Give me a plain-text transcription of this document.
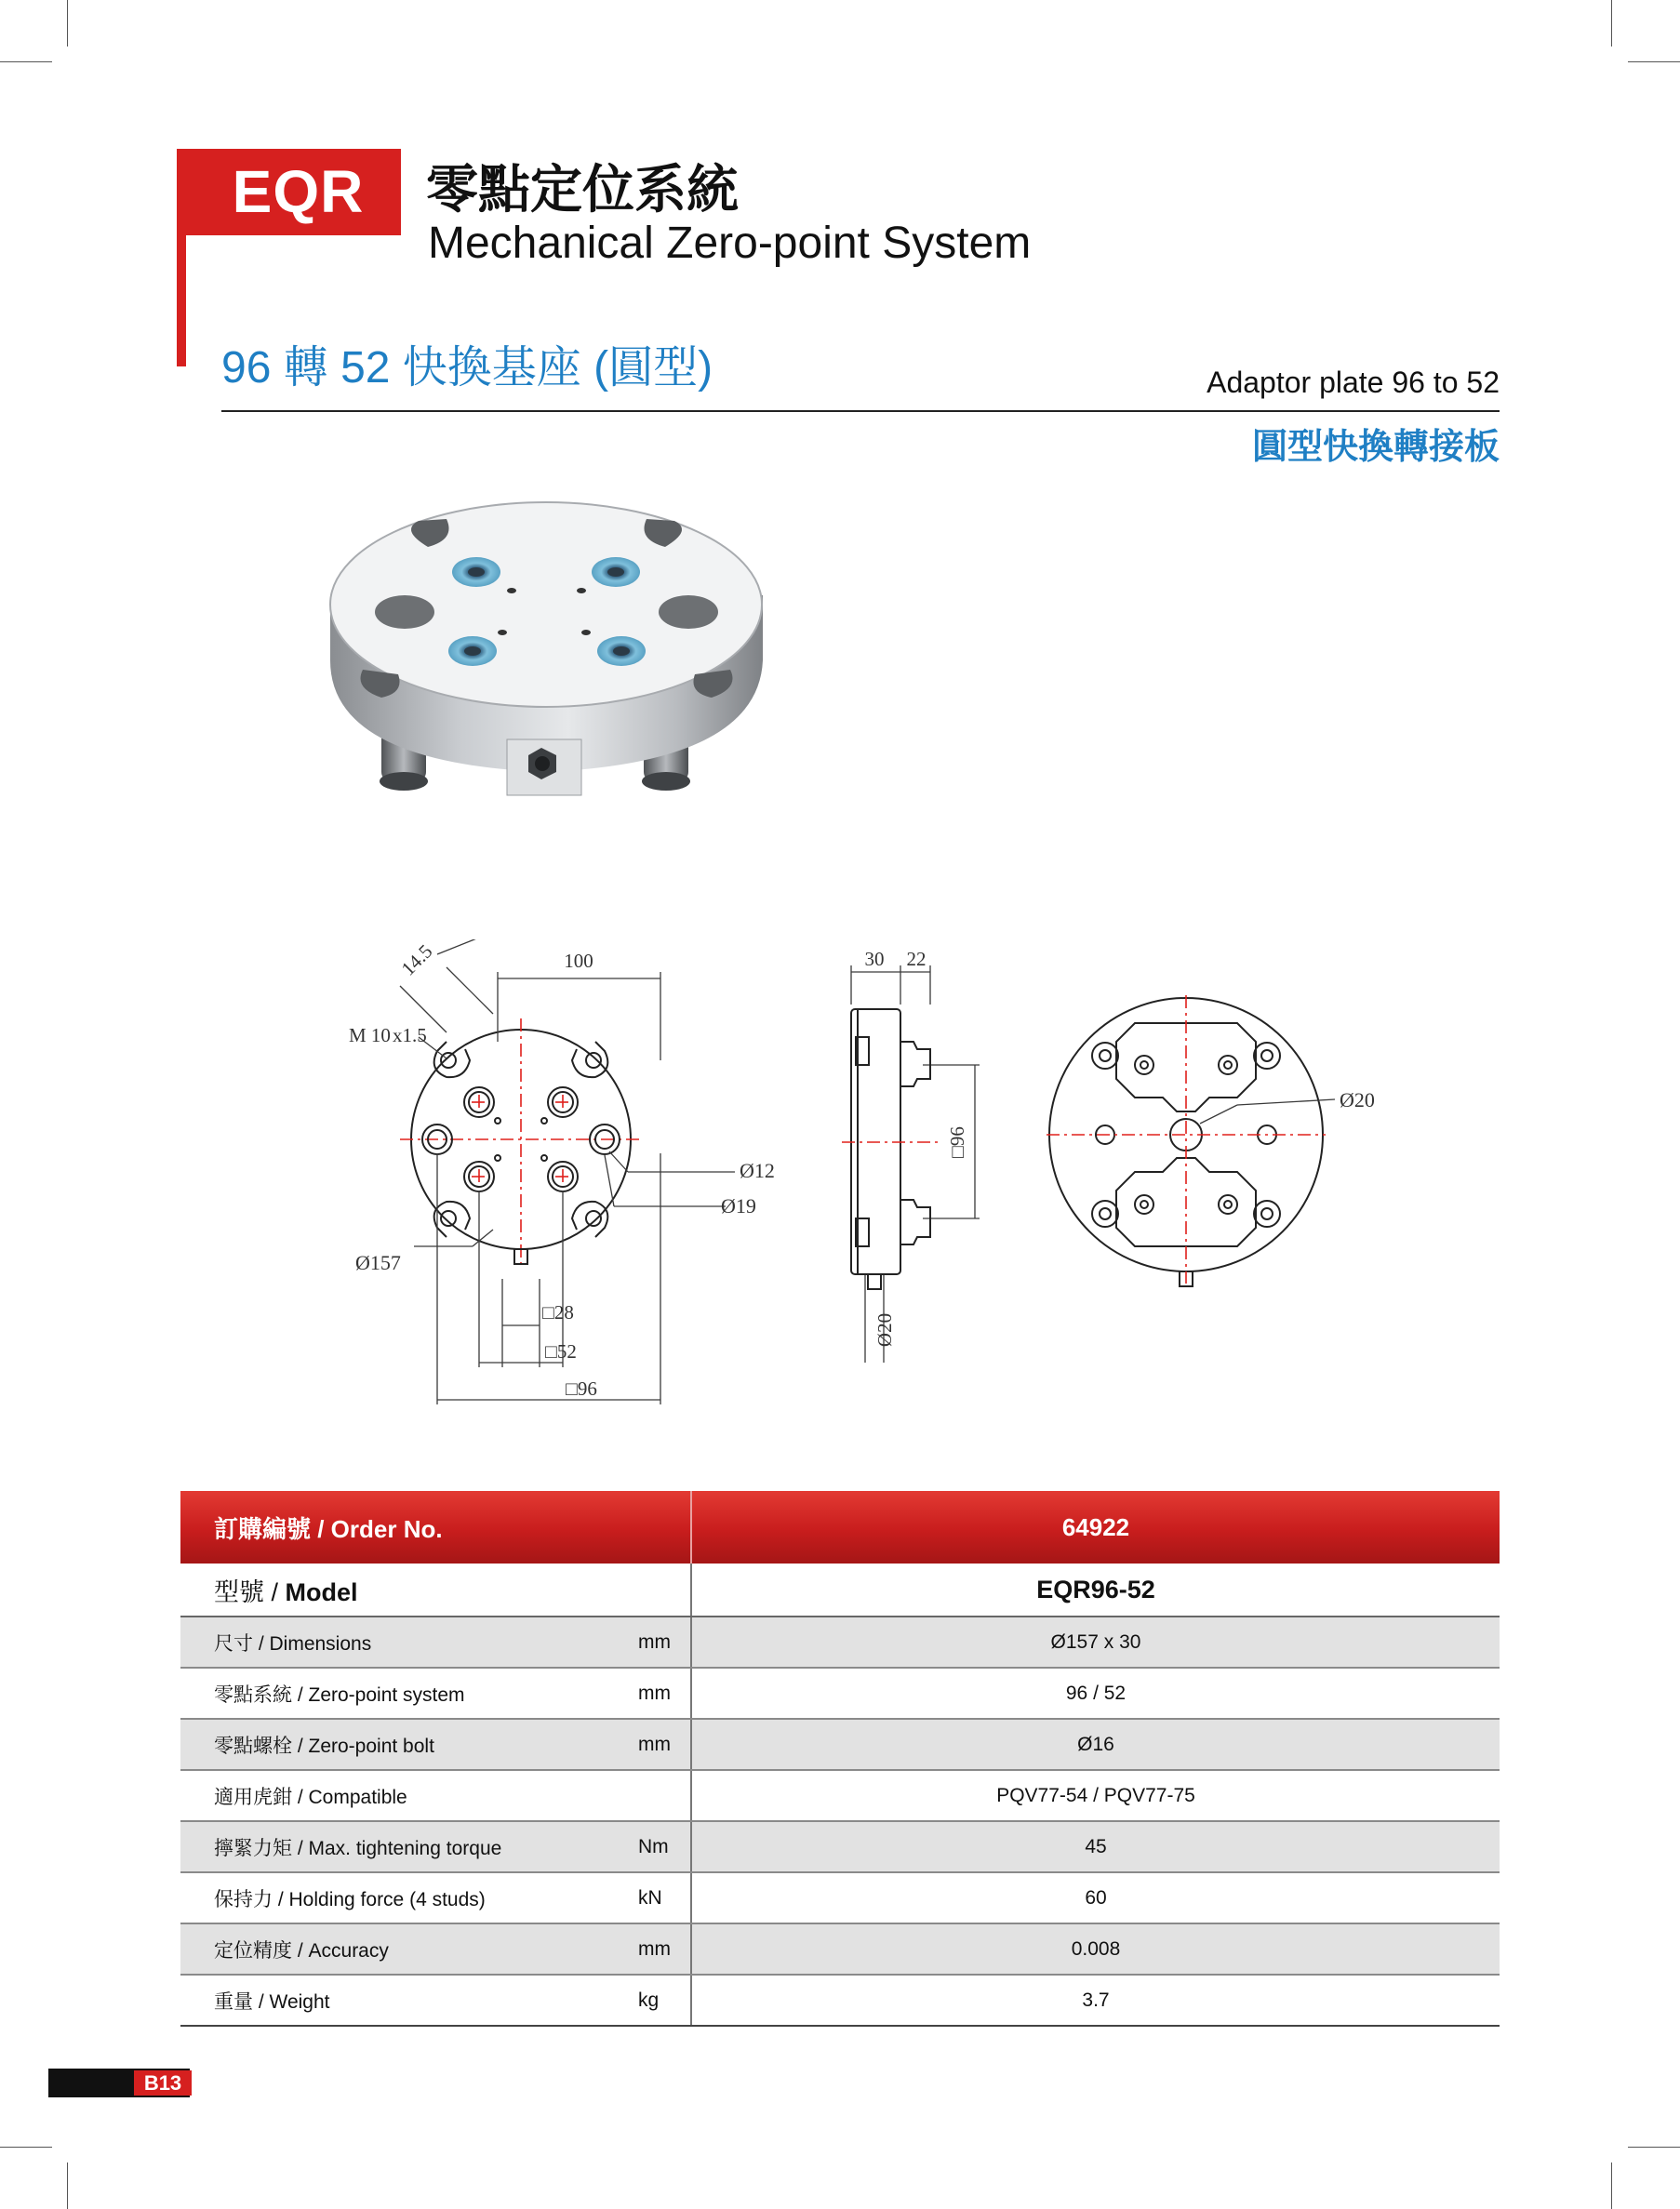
EQR	零點定位系統
Mechanical Zero-point System
96 轉 52 快換基座 (圓型)	Adaptor plate 96 to 52
圓型快換轉接板
100
14.5
M 10 x1.5
Ø12
Ø19
Ø157
□28
□52
□96
30 22
□96
Ø20
Ø20
訂購編號 / Order No.		64922
型號 / Model		EQR96-52
尺寸 / Dimensions	mm	Ø157 x 30
零點系統 / Zero-point system	mm	96 / 52
零點螺栓 / Zero-point bolt	mm	Ø16
適用虎鉗 / Compatible		PQV77-54 / PQV77-75
擰緊力矩 / Max. tightening torque	Nm	45
保持力 / Holding force (4 studs)	kN	60
定位精度 / Accuracy	mm	0.008
重量 / Weight	kg	3.7
B13
